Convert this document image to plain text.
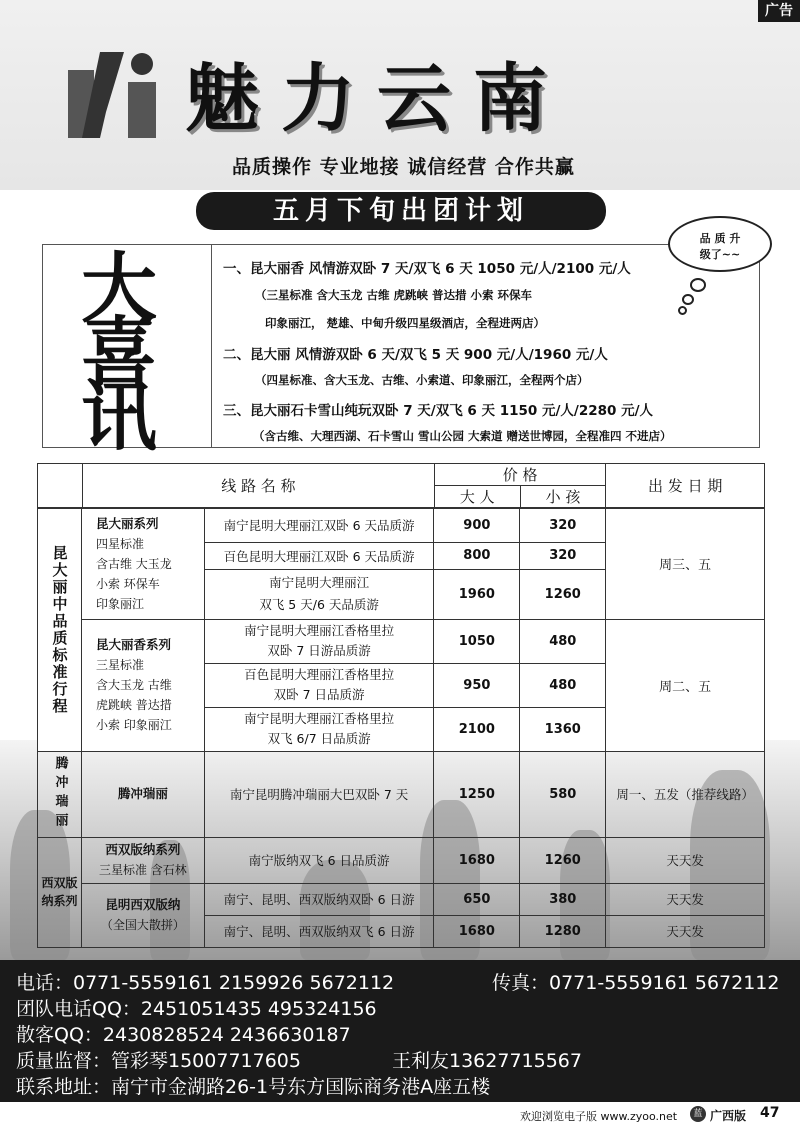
广告
魅力云南
品质操作 专业地接 诚信经营 合作共赢
五月下旬出团计划
大
喜
讯
一、昆大丽香 风情游双卧 7 天/双飞 6 天 1050 元/人/2100 元/人
（三星标准 含大玉龙 古维 虎跳峡 普达措 小索 环保车
印象丽江， 楚雄、中甸升级四星级酒店，全程进两店）
二、昆大丽 风情游双卧 6 天/双飞 5 天 900 元/人/1960 元/人
（四星标准、含大玉龙、古维、小索道、印象丽江，全程两个店）
三、昆大丽石卡雪山纯玩双卧 7 天/双飞 6 天 1150 元/人/2280 元/人
（含古维、大理西湖、石卡雪山 雪山公园 大索道 赠送世博园，全程准四 不进店）
品 质 升
级了~~
	线 路 名 称	价 格		出 发 日 期
		大 人	小 孩	

昆大丽中品质标准行程	昆大丽系列
四星标准
含古维 大玉龙
小索 环保车
印象丽江	南宁昆明大理丽江双卧 6 天品质游	900	320	周三、五
		百色昆明大理丽江双卧 6 天品质游	800	320	
		南宁昆明大理丽江
双飞 5 天/6 天品质游	1960	1260	
	昆大丽香系列
三星标准
含大玉龙 古维
虎跳峡 普达措
小索 印象丽江	南宁昆明大理丽江香格里拉
双卧 7 日游品质游	1050	480	周二、五
		百色昆明大理丽江香格里拉
双卧 7 日品质游	950	480	
		南宁昆明大理丽江香格里拉
双飞 6/7 日品质游	2100	1360	

腾冲瑞丽	腾冲瑞丽	南宁昆明腾冲瑞丽大巴双卧 7 天	1250	580	周一、五发（推荐线路）

西双版纳系列	西双版纳系列
三星标准 含石林	南宁版纳双飞 6 日品质游	1680	1260	天天发
	昆明西双版纳
（全国大散拼）	南宁、昆明、西双版纳双卧 6 日游	650	380	天天发
		南宁、昆明、西双版纳双飞 6 日游	1680	1280	天天发
电话：0771-5559161 2159926 5672112	传真：0771-5559161 5672112
团队电话QQ：2451051435 495324156
散客QQ：2430828524 2436630187
质量监督：管彩琴15007717605	王利友13627715567
联系地址：南宁市金湖路26-1号东方国际商务港A座五楼
欢迎浏览电子版 www.zyoo.net	蓝 广西版 47
